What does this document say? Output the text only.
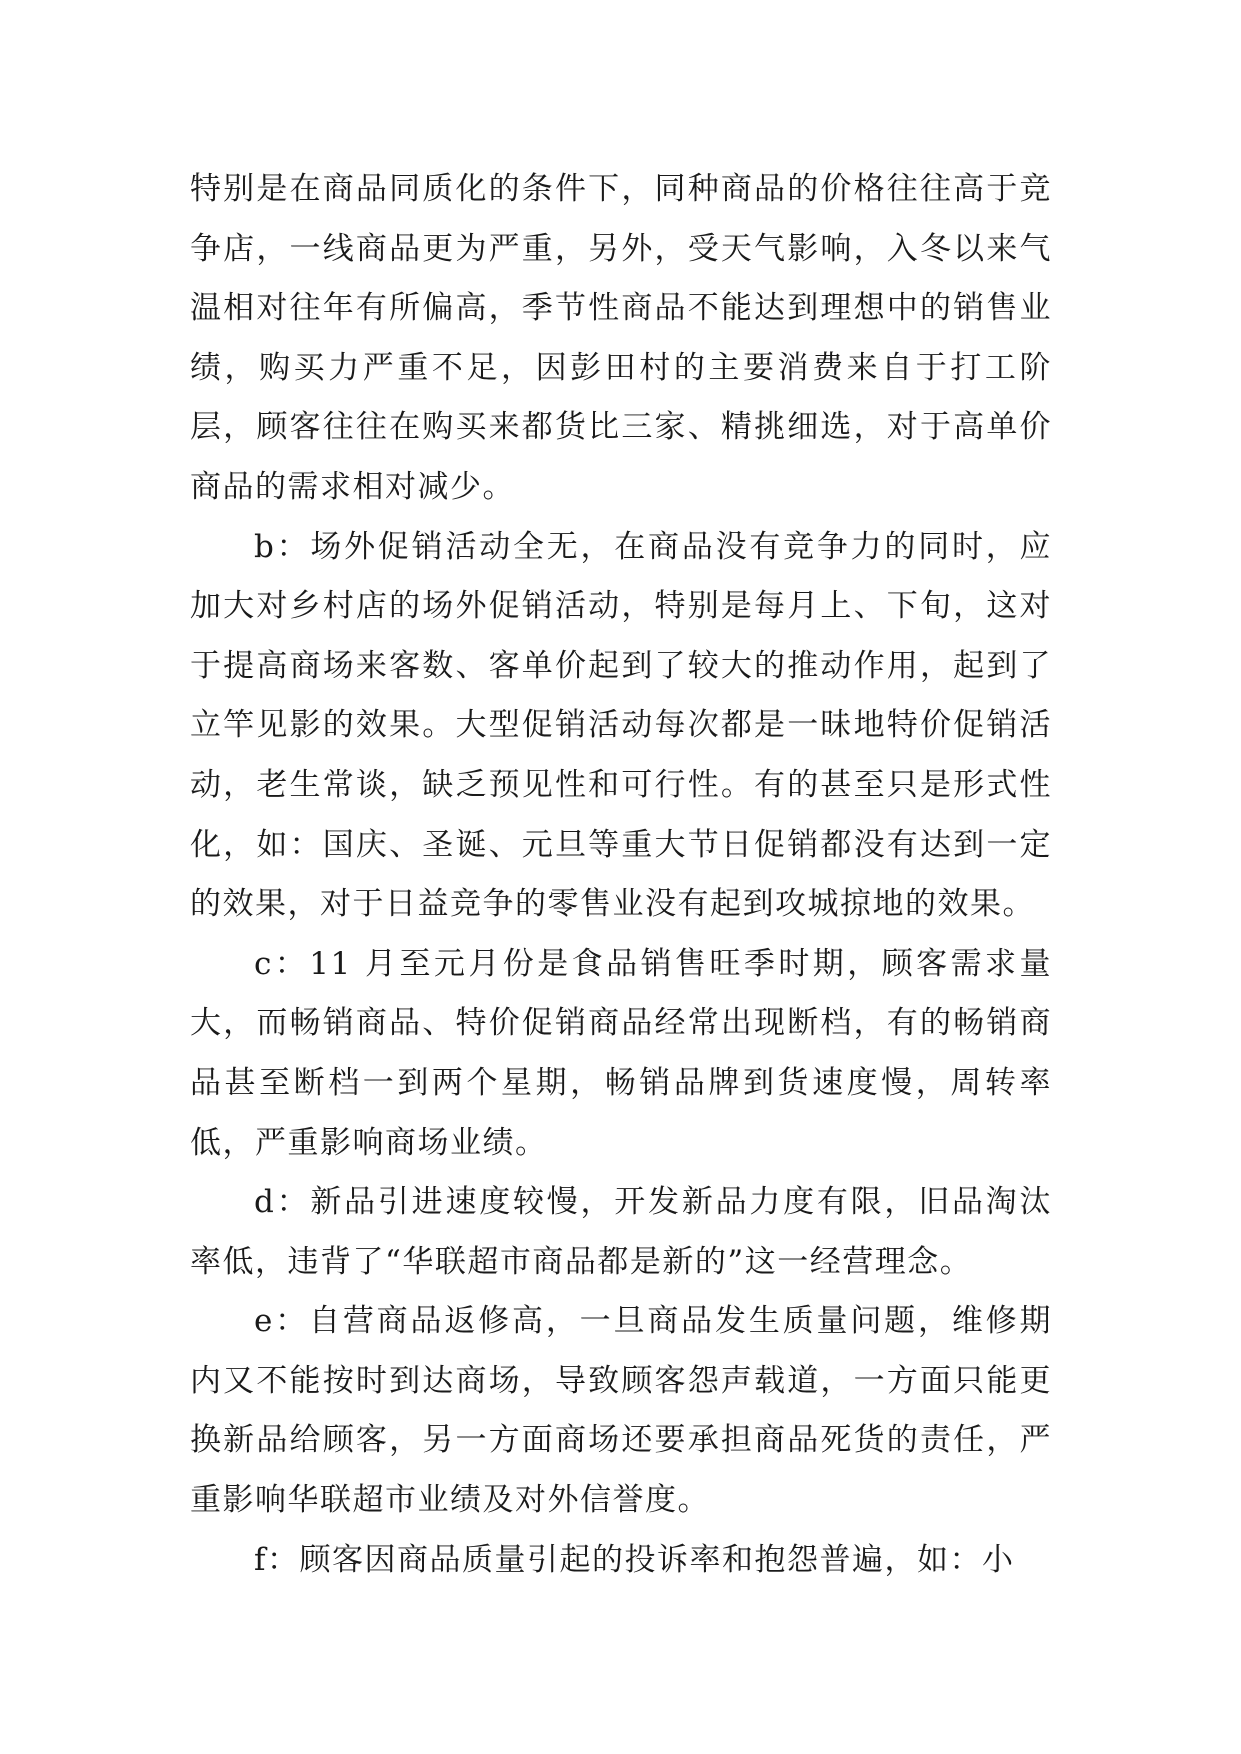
特别是在商品同质化的条件下，同种商品的价格往往高于竞争店，一线商品更为严重，另外，受天气影响，入冬以来气温相对往年有所偏高，季节性商品不能达到理想中的销售业绩，购买力严重不足，因彭田村的主要消费来自于打工阶层，顾客往往在购买来都货比三家、精挑细选，对于高单价商品的需求相对减少。

b：场外促销活动全无，在商品没有竞争力的同时，应加大对乡村店的场外促销活动，特别是每月上、下旬，这对于提高商场来客数、客单价起到了较大的推动作用，起到了立竿见影的效果。大型促销活动每次都是一昧地特价促销活动，老生常谈，缺乏预见性和可行性。有的甚至只是形式性化，如：国庆、圣诞、元旦等重大节日促销都没有达到一定的效果，对于日益竞争的零售业没有起到攻城掠地的效果。

c：11 月至元月份是食品销售旺季时期，顾客需求量大，而畅销商品、特价促销商品经常出现断档，有的畅销商品甚至断档一到两个星期，畅销品牌到货速度慢，周转率低，严重影响商场业绩。

d：新品引进速度较慢，开发新品力度有限，旧品淘汰率低，违背了“华联超市商品都是新的”这一经营理念。

e：自营商品返修高，一旦商品发生质量问题，维修期内又不能按时到达商场，导致顾客怨声载道，一方面只能更换新品给顾客，另一方面商场还要承担商品死货的责任，严重影响华联超市业绩及对外信誉度。

f：顾客因商品质量引起的投诉率和抱怨普遍，如：小
